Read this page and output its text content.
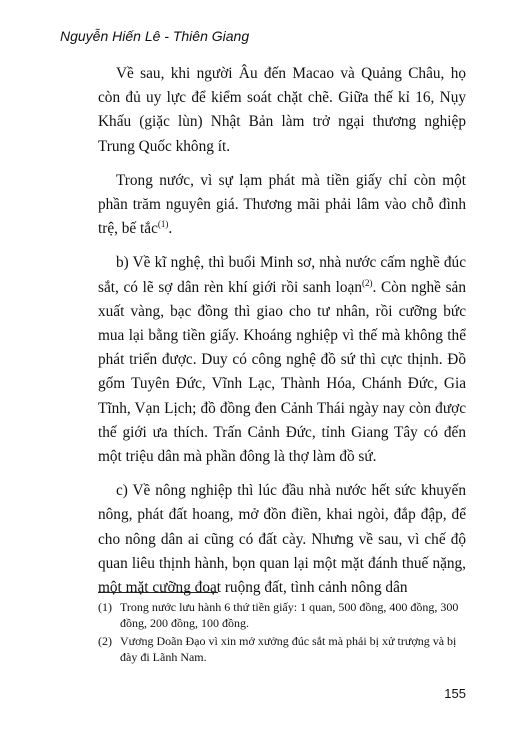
Nguyễn Hiến Lê - Thiên Giang

Về sau, khi người Âu đến Macao và Quảng Châu, họ còn đủ uy lực để kiểm soát chặt chẽ. Giữa thế kỉ 16, Nụy Khấu (giặc lùn) Nhật Bản làm trở ngại thương nghiệp Trung Quốc không ít.

Trong nước, vì sự lạm phát mà tiền giấy chỉ còn một phần trăm nguyên giá. Thương mãi phải lâm vào chỗ đình trệ, bế tắc$^{(1)}$.

b) Về kĩ nghệ, thì buổi Minh sơ, nhà nước cấm nghề đúc sắt, có lẽ sợ dân rèn khí giới rồi sanh loạn$^{(2)}$. Còn nghề sản xuất vàng, bạc đồng thì giao cho tư nhân, rồi cưỡng bức mua lại bằng tiền giấy. Khoáng nghiệp vì thế mà không thể phát triển được. Duy có công nghệ đồ sứ thì cực thịnh. Đồ gốm Tuyên Đức, Vĩnh Lạc, Thành Hóa, Chánh Đức, Gia Tĩnh, Vạn Lịch; đồ đồng đen Cảnh Thái ngày nay còn được thế giới ưa thích. Trấn Cảnh Đức, tỉnh Giang Tây có đến một triệu dân mà phần đông là thợ làm đồ sứ.

c) Về nông nghiệp thì lúc đầu nhà nước hết sức khuyến nông, phát đất hoang, mở đồn điền, khai ngòi, đắp đập, để cho nông dân ai cũng có đất cày. Nhưng về sau, vì chế độ quan liêu thịnh hành, bọn quan lại một mặt đánh thuế nặng, một mặt cưỡng đoạt ruộng đất, tình cảnh nông dân

(1) Trong nước lưu hành 6 thứ tiền giấy: 1 quan, 500 đồng, 400 đồng, 300 đồng, 200 đồng, 100 đồng.
(2) Vương Doãn Đạo vì xin mở xưởng đúc sắt mà phải bị xử trượng và bị đày đi Lãnh Nam.
155
